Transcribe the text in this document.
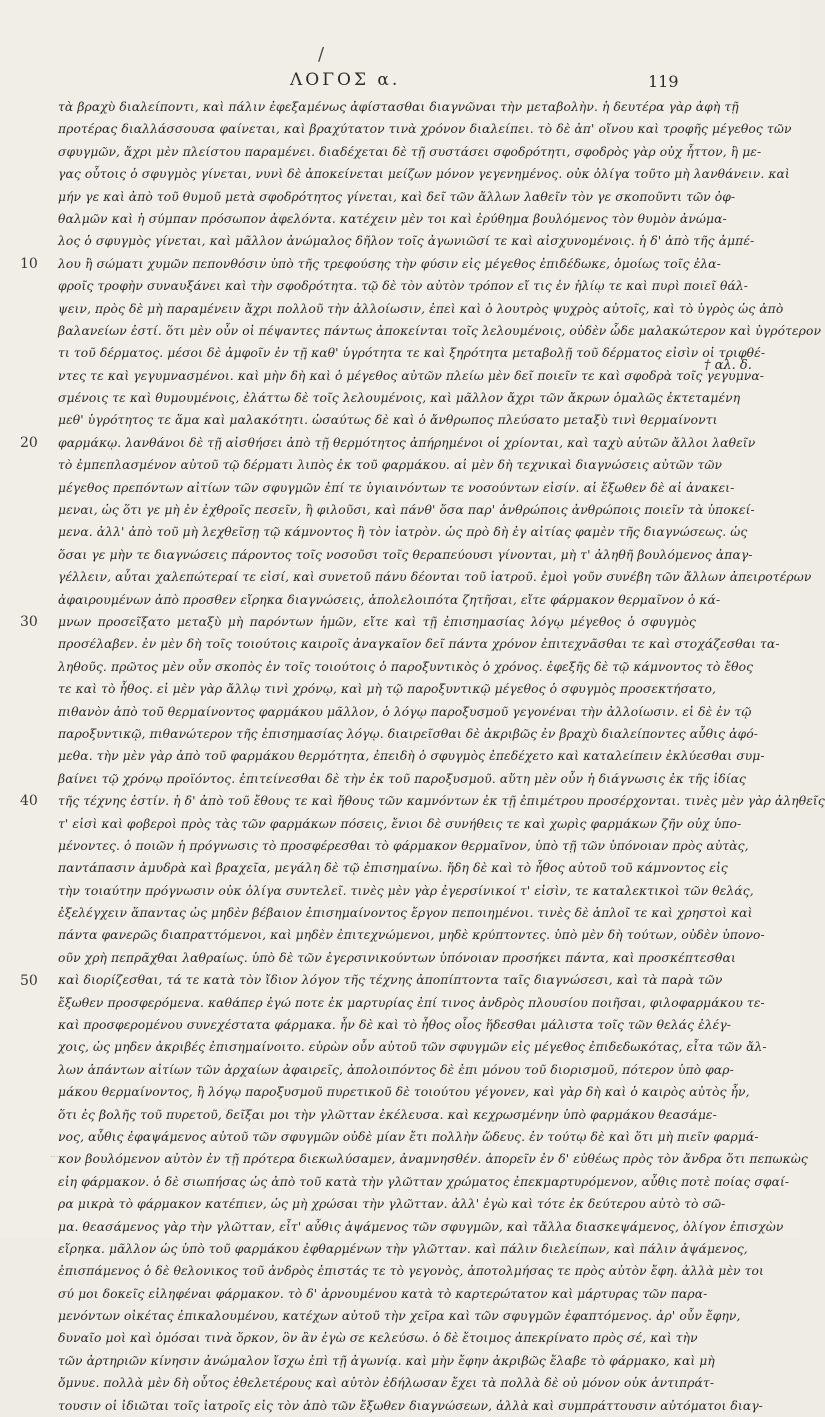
/
ΛΟΓΟΣ α.	119
τὰ βραχὺ διαλείποντι, καὶ πάλιν ἐφεξαμένως ἀφίστασθαι διαγνῶναι τὴν μεταβολὴν. ἡ δευτέρα γὰρ ἀφὴ τῇ
προτέρας διαλλάσσουσα φαίνεται, καὶ βραχύτατον τινὰ χρόνον διαλείπει. τὸ δὲ ἀπ' οἴνου καὶ τροφῆς μέγεθος τῶν
σφυγμῶν, ἄχρι μὲν πλείστου παραμένει. διαδέχεται δὲ τῇ συστάσει σφοδρότητι, σφοδρὸς γὰρ οὐχ ἧττον, ἢ με-
γας οὗτοις ὁ σφυγμὸς γίνεται, νυνὶ δὲ ἀποκείνεται μείζων μόνον γεγενημένος. οὐκ ὀλίγα τοῦτο μὴ λανθάνειν. καὶ
μήν γε καὶ ἀπὸ τοῦ θυμοῦ μετὰ σφοδρότητος γίνεται, καὶ δεῖ τῶν ἄλλων λαθεῖν τὸν γε σκοποῦντι τῶν ὀφ-
θαλμῶν καὶ ἡ σύμπαν πρόσωπον ἀφελόντα. κατέχειν μὲν τοι καὶ ἐρύθημα βουλόμενος τὸν θυμὸν ἀνώμα-
λος ὁ σφυγμὸς γίνεται, καὶ μᾶλλον ἀνώμαλος δῆλον τοῖς ἀγωνιῶσί τε καὶ αἰσχυνομένοις. ἡ δ' ἀπὸ τῆς ἀμπέ-
λου ἢ σώματι χυμῶν πεπονθόσιν ὑπὸ τῆς τρεφούσης τὴν φύσιν εἰς μέγεθος ἐπιδέδωκε, ὁμοίως τοῖς ἐλα-
φροῖς τροφὴν συναυξάνει καὶ τὴν σφοδρότητα. τῷ δὲ τὸν αὐτὸν τρόπον εἴ τις ἐν ἡλίῳ τε καὶ πυρὶ ποιεῖ θάλ-
ψειν, πρὸς δὲ μὴ παραμένειν ἄχρι πολλοῦ τὴν ἀλλοίωσιν, ἐπεὶ καὶ ὁ λουτρὸς ψυχρὸς αὐτοῖς, καὶ τὸ ὑγρὸς ὡς ἀπὸ
βαλανείων ἐστί. ὅτι μὲν οὖν οἱ πέψαντες πάντως ἀποκείνται τοῖς λελουμένοις, οὐδὲν ὧδε μαλακώτερον καὶ ὑγρότερον
τι τοῦ δέρματος. μέσοι δὲ ἀμφοῖν ἐν τῇ καθ' ὑγρότητα τε καὶ ξηρότητα μεταβολῇ τοῦ δέρματος εἰσὶν οἱ τριφθέ-
ντες τε καὶ γεγυμνασμένοι. καὶ μὴν δὴ καὶ ὁ μέγεθος αὐτῶν πλείω μὲν δεῖ ποιεῖν τε καὶ σφοδρὰ τοῖς γεγυμνα-
σμένοις τε καὶ θυμουμένοις, ἐλάττω δὲ τοῖς λελουμένοις, καὶ μᾶλλον ἄχρι τῶν ἄκρων ὁμαλῶς ἐκτεταμένη
μεθ' ὑγρότητος τε ἅμα καὶ μαλακότητι. ὡσαύτως δὲ καὶ ὁ ἄνθρωπος πλεύσατο μεταξὺ τινὶ θερμαίνοντι
φαρμάκῳ. λανθάνοι δὲ τῇ αἰσθήσει ἀπὸ τῇ θερμότητος ἀπήρημένοι οἱ χρίονται, καὶ ταχὺ αὐτῶν ἄλλοι λαθεῖν
τὸ ἐμπεπλασμένον αὐτοῦ τῷ δέρματι λιπὸς ἐκ τοῦ φαρμάκου. αἱ μὲν δὴ τεχνικαὶ διαγνώσεις αὐτῶν τῶν
μέγεθος πρεπόντων αἰτίων τῶν σφυγμῶν ἐπί τε ὑγιαινόντων τε νοσούντων εἰσίν. αἱ ἔξωθεν δὲ αἱ ἀνακει-
μεναι, ὡς ὅτι γε μὴ ἐν ἐχθροῖς πεσεῖν, ἢ φιλοῦσι, καὶ πάνθ' ὅσα παρ' ἀνθρώποις ἀνθρώποις ποιεῖν τὰ ὑποκεί-
μενα. ἀλλ' ἀπὸ τοῦ μὴ λεχθεῖσῃ τῷ κάμνοντος ἢ τὸν ἰατρὸν. ὡς πρὸ δὴ ἐγ αἰτίας φαμὲν τῆς διαγνώσεως. ὡς
ὅσαι γε μὴν τε διαγνώσεις πάροντος τοῖς νοσοῦσι τοῖς θεραπεύουσι γίνονται, μὴ τ' ἀληθῆ βουλόμενος ἀπαγ-
γέλλειν, αὗται χαλεπώτεραί τε εἰσί, καὶ συνετοῦ πάνυ δέονται τοῦ ἰατροῦ. ἐμοὶ γοῦν συνέβη τῶν ἄλλων ἀπειροτέρων
ἀφαιρουμένων ἀπὸ προσθεν εἴρηκα διαγνώσεις, ἀπολελοιπότα ζητῆσαι, εἴτε φάρμακον θερμαῖνον ὁ κά-
μνων προσεῖξατο μεταξὺ μὴ παρόντων ἡμῶν, εἴτε καὶ τῇ ἐπισημασίας λόγῳ μέγεθος ὁ σφυγμὸς
προσέλαβεν. ἐν μὲν δὴ τοῖς τοιούτοις καιροῖς ἀναγκαῖον δεῖ πάντα χρόνον ἐπιτεχνᾶσθαι τε καὶ στοχάζεσθαι τα-
ληθοῦς. πρῶτος μὲν οὖν σκοπὸς ἐν τοῖς τοιούτοις ὁ παροξυντικὸς ὁ χρόνος. ἐφεξῆς δὲ τῷ κάμνοντος τὸ ἔθος
τε καὶ τὸ ἦθος. εἰ μὲν γὰρ ἄλλῳ τινὶ χρόνῳ, καὶ μὴ τῷ παροξυντικῷ μέγεθος ὁ σφυγμὸς προσεκτήσατο,
πιθανὸν ἀπὸ τοῦ θερμαίνοντος φαρμάκου μᾶλλον, ὁ λόγῳ παροξυσμοῦ γεγονέναι τὴν ἀλλοίωσιν. εἰ δὲ ἐν τῷ
παροξυντικῷ, πιθανώτερον τῆς ἐπισημασίας λόγῳ. διαιρεῖσθαι δὲ ἀκριβῶς ἐν βραχὺ διαλείποντες αὖθις ἀφό-
μεθα. τὴν μὲν γὰρ ἀπὸ τοῦ φαρμάκου θερμότητα, ἐπειδὴ ὁ σφυγμὸς ἐπεδέχετο καὶ καταλείπειν ἐκλύεσθαι συμ-
βαίνει τῷ χρόνῳ προϊόντος. ἐπιτείνεσθαι δὲ τὴν ἐκ τοῦ παροξυσμοῦ. αὕτη μὲν οὖν ἡ διάγνωσις ἐκ τῆς ἰδίας
τῆς τέχνης ἐστίν. ἡ δ' ἀπὸ τοῦ ἔθους τε καὶ ἤθους τῶν καμνόντων ἐκ τῇ ἐπιμέτρου προσέρχονται. τινὲς μὲν γὰρ ἀληθεῖς
τ' εἰσὶ καὶ φοβεροὶ πρὸς τὰς τῶν φαρμάκων πόσεις, ἔνιοι δὲ συνήθεις τε καὶ χωρὶς φαρμάκων ζῆν οὐχ ὑπο-
μένοντες. ὁ ποιῶν ἡ πρόγνωσις τὸ προσφέρεσθαι τὸ φάρμακον θερμαῖνον, ὑπὸ τῇ τῶν ὑπόνοιαν πρὸς αὐτὰς,
παντάπασιν ἀμυδρὰ καὶ βραχεῖα, μεγάλη δὲ τῷ ἐπισημαίνω. ἤδη δὲ καὶ τὸ ἦθος αὐτοῦ τοῦ κάμνοντος εἰς
τὴν τοιαύτην πρόγνωσιν οὐκ ὀλίγα συντελεῖ. τινὲς μὲν γὰρ ἐγερσίνικοί τ' εἰσὶν, τε καταλεκτικοὶ τῶν θελάς,
ἐξελέγχειν ἅπαντας ὡς μηδὲν βέβαιον ἐπισημαίνοντος ἔργον πεποιημένοι. τινὲς δὲ ἁπλοῖ τε καὶ χρηστοὶ καὶ
πάντα φανερῶς διαπραττόμενοι, καὶ μηδὲν ἐπιτεχνώμενοι, μηδὲ κρύπτοντες. ὑπὸ μὲν δὴ τούτων, οὐδὲν ὑπονο-
οῦν χρὴ πεπρᾶχθαι λαθραίως. ὑπὸ δὲ τῶν ἐγερσινικούντων ὑπόνοιαν προσήκει πάντα, καὶ προσκέπτεσθαι
καὶ διορίζεσθαι, τά τε κατὰ τὸν ἴδιον λόγον τῆς τέχνης ἀποπίπτοντα ταῖς διαγνώσεσι, καὶ τὰ παρὰ τῶν
ἔξωθεν προσφερόμενα. καθάπερ ἐγώ ποτε ἐκ μαρτυρίας ἐπί τινος ἀνδρὸς πλουσίου ποιῆσαι, φιλοφαρμάκου τε-
καὶ προσφερομένου συνεχέστατα φάρμακα. ἦν δὲ καὶ τὸ ἦθος οἷος ἥδεσθαι μάλιστα τοῖς τῶν θελάς ἐλέγ-
χοις, ὡς μηδεν ἀκριβές ἐπισημαίνοιτο. εὑρὼν οὖν αὐτοῦ τῶν σφυγμῶν εἰς μέγεθος ἐπιδεδωκότας, εἶτα τῶν ἄλ-
λων ἁπάντων αἰτίων τῶν ἀρχαίων ἀφαιρεῖς, ἀπολοιπόντος δὲ ἐπι μόνου τοῦ διορισμοῦ, πότερον ὑπὸ φαρ-
μάκου θερμαίνοντος, ἢ λόγῳ παροξυσμοῦ πυρετικοῦ δὲ τοιούτου γέγονεν, καὶ γὰρ δὴ καὶ ὁ καιρὸς αὐτὸς ἦν,
ὅτι ἐς βολῆς τοῦ πυρετοῦ, δεῖξαι μοι τὴν γλῶτταν ἐκέλευσα. καὶ κεχρωσμένην ὑπὸ φαρμάκου θεασάμε-
νος, αὖθις ἐφαψάμενος αὐτοῦ τῶν σφυγμῶν οὐδὲ μίαν ἔτι πολλὴν ὥδευς. ἐν τούτῳ δὲ καὶ ὅτι μὴ πιεῖν φαρμά-
κον βουλόμενον αὐτὸν ἐν τῇ πρότερα διεκωλύσαμεν, ἀναμνησθέν. ἀπορεῖν ἐν δ' εὐθέως πρὸς τὸν ἄνδρα ὅτι πεπωκὼς
εἰη φάρμακον. ὁ δὲ σιωπήσας ὡς ἀπὸ τοῦ κατὰ τὴν γλῶτταν χρώματος ἐπεκμαρτυρόμενον, αὖθις ποτὲ ποίας σφαί-
ρα μικρὰ τὸ φάρμακον κατέπιεν, ὡς μὴ χρώσαι τὴν γλῶτταν. ἀλλ' ἐγὼ καὶ τότε ἐκ δεύτερου αὐτὸ τὸ σῶ-
μα. θεασάμενος γὰρ τὴν γλῶτταν, εἶτ' αὖθις ἁψάμενος τῶν σφυγμῶν, καὶ τἄλλα διασκεψάμενος, ὀλίγον ἐπισχὼν
εἴρηκα. μᾶλλον ὡς ὑπὸ τοῦ φαρμάκου ἐφθαρμένων τὴν γλῶτταν. καὶ πάλιν διελείπων, καὶ πάλιν ἀψάμενος,
ἐπισπάμενος ὁ δὲ θελονικος τοῦ ἀνδρὸς ἐπιστάς τε τὸ γεγονὸς, ἀποτολμήσας τε πρὸς αὐτὸν ἔφη. ἀλλὰ μὲν τοι
σύ μοι δοκεῖς εἰληφέναι φάρμακον. τὸ δ' ἀρνουμένου κατὰ τὸ καρτερώτατον καὶ μάρτυρας τῶν παρα-
μενόντων οἰκέτας ἐπικαλουμένου, κατέχων αὐτοῦ τὴν χεῖρα καὶ τῶν σφυγμῶν ἐφαπτόμενος. ἀρ' οὖν ἔφην,
δυναῖο μοὶ καὶ ὀμόσαι τινὰ ὅρκον, ὃν ἂν ἐγὼ σε κελεύσω. ὁ δὲ ἔτοιμος ἀπεκρίνατο πρὸς σέ, καὶ τὴν
τῶν ἀρτηριῶν κίνησιν ἀνώμαλον ἴσχω ἐπὶ τῇ ἀγωνίᾳ. καὶ μὴν ἔφην ἀκριβῶς ἔλαβε τὸ φάρμακο, καὶ μὴ
ὄμνυε. πολλὰ μὲν δὴ οὗτος ἐθελετέρους καὶ αὐτὸν ἐδήλωσαν ἔχει τὰ πολλὰ δὲ οὐ μόνον οὐκ ἀντιπράτ-
τουσιν οἱ ἰδιῶται τοῖς ἰατροῖς εἰς τὸν ἀπὸ τῶν ἔξωθεν διαγνώσεων, ἀλλὰ καὶ συμπράττουσιν αὐτόματοι διαγ-
10
20
30
40
50
† αλ. δ.
...
